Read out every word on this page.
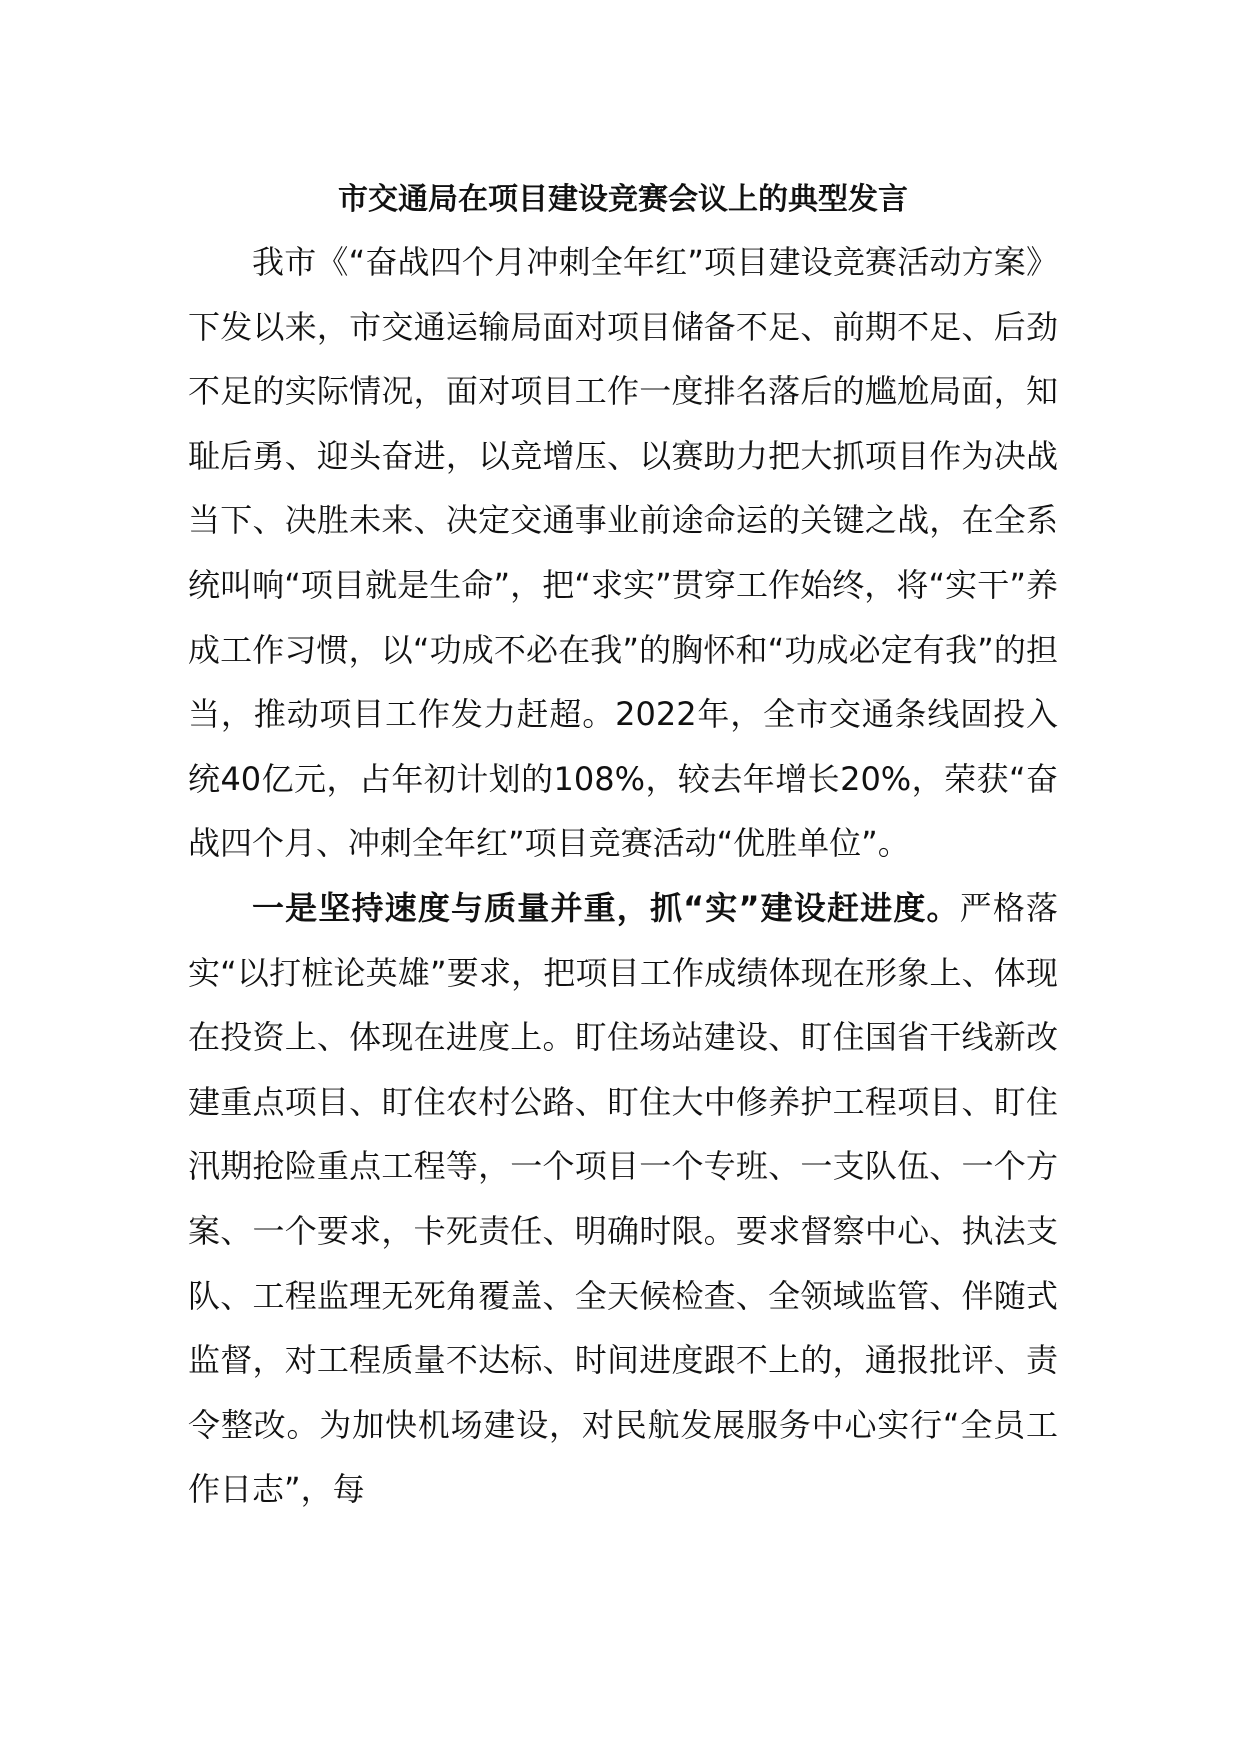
市交通局在项目建设竞赛会议上的典型发言

我市《“奋战四个月冲刺全年红”项目建设竞赛活动方案》下发以来，市交通运输局面对项目储备不足、前期不足、后劲不足的实际情况，面对项目工作一度排名落后的尴尬局面，知耻后勇、迎头奋进，以竞增压、以赛助力把大抓项目作为决战当下、决胜未来、决定交通事业前途命运的关键之战，在全系统叫响“项目就是生命”，把“求实”贯穿工作始终，将“实干”养成工作习惯，以“功成不必在我”的胸怀和“功成必定有我”的担当，推动项目工作发力赶超。2022年，全市交通条线固投入统40亿元，占年初计划的108%，较去年增长20%，荣获“奋战四个月、冲刺全年红”项目竞赛活动“优胜单位”。

一是坚持速度与质量并重，抓“实”建设赶进度。严格落实“以打桩论英雄”要求，把项目工作成绩体现在形象上、体现在投资上、体现在进度上。盯住场站建设、盯住国省干线新改建重点项目、盯住农村公路、盯住大中修养护工程项目、盯住汛期抢险重点工程等，一个项目一个专班、一支队伍、一个方案、一个要求，卡死责任、明确时限。要求督察中心、执法支队、工程监理无死角覆盖、全天候检查、全领域监管、伴随式监督，对工程质量不达标、时间进度跟不上的，通报批评、责令整改。为加快机场建设，对民航发展服务中心实行“全员工作日志”，每
